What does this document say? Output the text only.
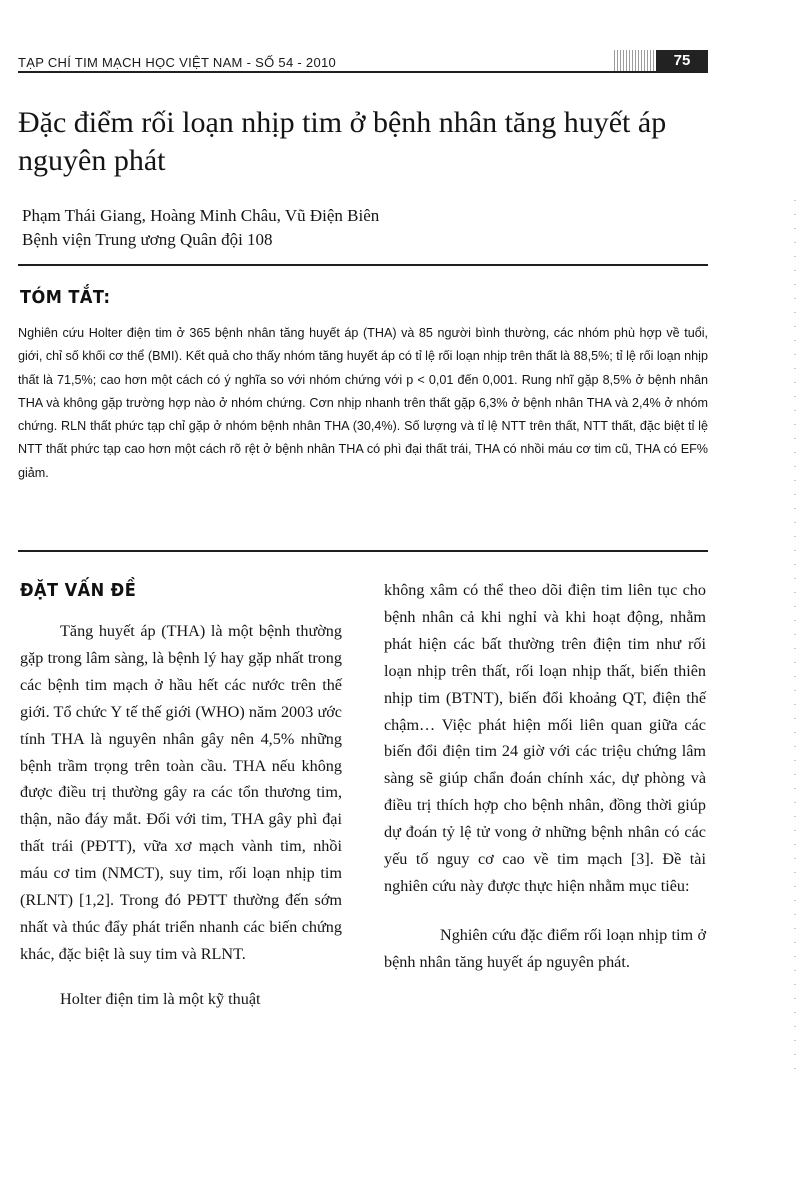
TẠP CHÍ TIM MẠCH HỌC VIỆT NAM - SỐ 54 - 2010	75
Đặc điểm rối loạn nhịp tim ở bệnh nhân tăng huyết áp nguyên phát
Phạm Thái Giang, Hoàng Minh Châu, Vũ Điện Biên
Bệnh viện Trung ương Quân đội 108
TÓM TẮT:

Nghiên cứu Holter điện tim ở 365 bệnh nhân tăng huyết áp (THA) và 85 người bình thường, các nhóm phù hợp về tuổi, giới, chỉ số khối cơ thể (BMI). Kết quả cho thấy nhóm tăng huyết áp có tỉ lệ rối loạn nhịp trên thất là 88,5%; tỉ lệ rối loạn nhịp thất là 71,5%; cao hơn một cách có ý nghĩa so với nhóm chứng với p < 0,01 đến 0,001. Rung nhĩ gặp 8,5% ở bệnh nhân THA và không gặp trường hợp nào ở nhóm chứng. Cơn nhịp nhanh trên thất gặp 6,3% ở bệnh nhân THA và 2,4% ở nhóm chứng. RLN thất phức tạp chỉ gặp ở nhóm bệnh nhân THA (30,4%). Số lượng và tỉ lệ NTT trên thất, NTT thất, đặc biệt tỉ lệ NTT thất phức tạp cao hơn một cách rõ rệt ở bệnh nhân THA có phì đại thất trái, THA có nhồi máu cơ tim cũ, THA có EF% giảm.

ĐẶT VẤN ĐỀ

Tăng huyết áp (THA) là một bệnh thường gặp trong lâm sàng, là bệnh lý hay gặp nhất trong các bệnh tim mạch ở hầu hết các nước trên thế giới. Tổ chức Y tế thế giới (WHO) năm 2003 ước tính THA là nguyên nhân gây nên 4,5% những bệnh trầm trọng trên toàn cầu. THA nếu không được điều trị thường gây ra các tổn thương tim, thận, não đáy mắt. Đối với tim, THA gây phì đại thất trái (PĐTT), vữa xơ mạch vành tim, nhồi máu cơ tim (NMCT), suy tim, rối loạn nhịp tim (RLNT) [1,2]. Trong đó PĐTT thường đến sớm nhất và thúc đẩy phát triển nhanh các biến chứng khác, đặc biệt là suy tim và RLNT.

Holter điện tim là một kỹ thuật

không xâm có thể theo dõi điện tim liên tục cho bệnh nhân cả khi nghỉ và khi hoạt động, nhằm phát hiện các bất thường trên điện tim như rối loạn nhịp trên thất, rối loạn nhịp thất, biến thiên nhịp tim (BTNT), biến đổi khoảng QT, điện thế chậm… Việc phát hiện mối liên quan giữa các biến đổi điện tim 24 giờ với các triệu chứng lâm sàng sẽ giúp chẩn đoán chính xác, dự phòng và điều trị thích hợp cho bệnh nhân, đồng thời giúp dự đoán tỷ lệ tử vong ở những bệnh nhân có các yếu tố nguy cơ cao về tim mạch [3]. Đề tài nghiên cứu này được thực hiện nhằm mục tiêu:

Nghiên cứu đặc điểm rối loạn nhịp tim ở bệnh nhân tăng huyết áp nguyên phát.
